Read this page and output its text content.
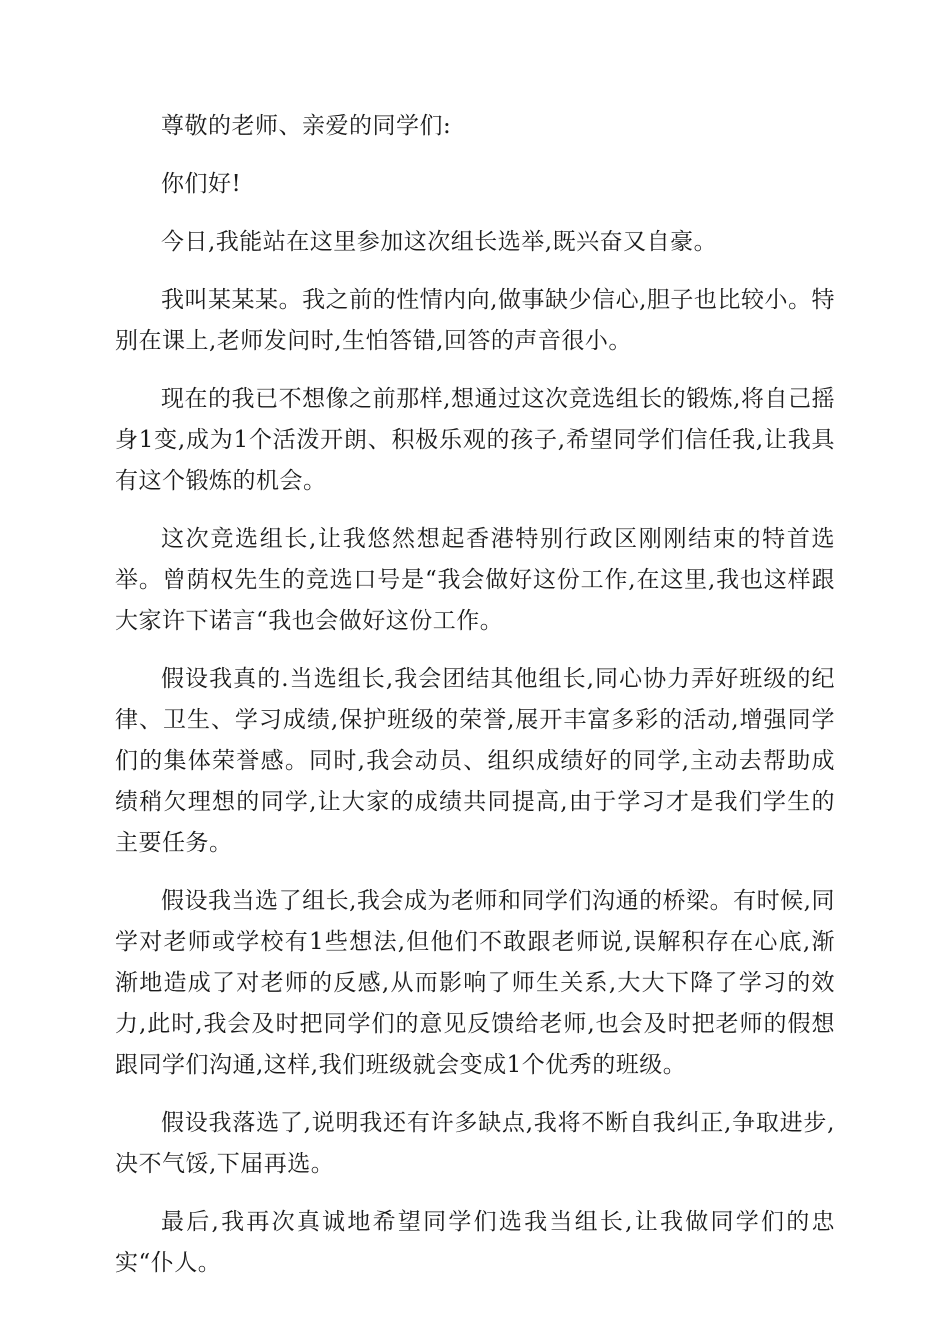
尊敬的老师、亲爱的同学们:

你们好!

今日,我能站在这里参加这次组长选举,既兴奋又自豪。

我叫某某某。我之前的性情内向,做事缺少信心,胆子也比较小。特别在课上,老师发问时,生怕答错,回答的声音很小。

现在的我已不想像之前那样,想通过这次竞选组长的锻炼,将自己摇身1变,成为1个活泼开朗、积极乐观的孩子,希望同学们信任我,让我具有这个锻炼的机会。

这次竞选组长,让我悠然想起香港特别行政区刚刚结束的特首选举。曾荫权先生的竞选口号是“我会做好这份工作,在这里,我也这样跟大家许下诺言“我也会做好这份工作。

假设我真的.当选组长,我会团结其他组长,同心协力弄好班级的纪律、卫生、学习成绩,保护班级的荣誉,展开丰富多彩的活动,增强同学们的集体荣誉感。同时,我会动员、组织成绩好的同学,主动去帮助成绩稍欠理想的同学,让大家的成绩共同提高,由于学习才是我们学生的主要任务。

假设我当选了组长,我会成为老师和同学们沟通的桥梁。有时候,同学对老师或学校有1些想法,但他们不敢跟老师说,误解积存在心底,渐渐地造成了对老师的反感,从而影响了师生关系,大大下降了学习的效力,此时,我会及时把同学们的意见反馈给老师,也会及时把老师的假想跟同学们沟通,这样,我们班级就会变成1个优秀的班级。

假设我落选了,说明我还有许多缺点,我将不断自我纠正,争取进步,决不气馁,下届再选。

最后,我再次真诚地希望同学们选我当组长,让我做同学们的忠实“仆人。
